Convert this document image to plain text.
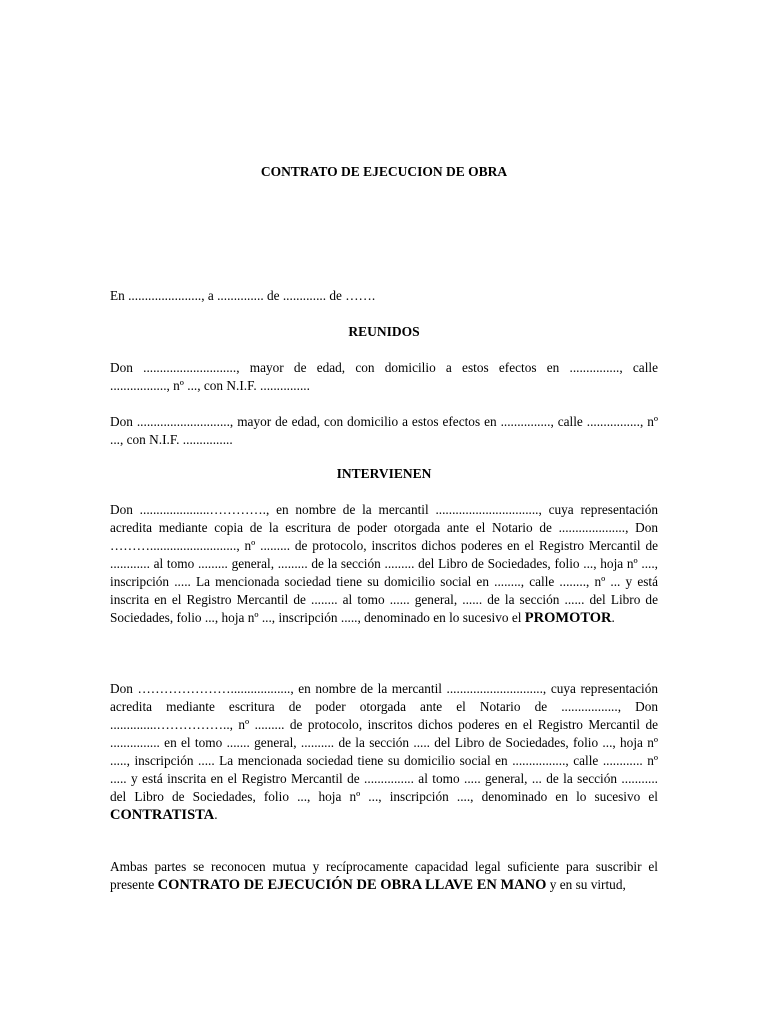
CONTRATO DE EJECUCION DE OBRA
En ......................, a .............. de ............. de …….
REUNIDOS
Don ............................, mayor de edad, con domicilio a estos efectos en ..............., calle
................., nº ..., con N.I.F. ...............
Don ............................, mayor de edad, con domicilio a estos efectos en ..............., calle ................, nº ..., con N.I.F. ...............
INTERVIENEN
Don .....................…………., en nombre de la mercantil ..............................., cuya representación acredita mediante copia de la escritura de poder otorgada ante el Notario de ...................., Don ……….........................., nº ......... de protocolo, inscritos dichos poderes en el Registro Mercantil de ............ al tomo ......... general, ......... de la sección ......... del Libro de Sociedades, folio ..., hoja nº ...., inscripción ..... La mencionada sociedad tiene su domicilio social en ........, calle ........, nº ... y está inscrita en el Registro Mercantil de ........ al tomo ...... general, ...... de la sección ...... del Libro de Sociedades, folio ..., hoja nº ..., inscripción ....., denominado en lo sucesivo el PROMOTOR.
Don ………………….................., en nombre de la mercantil ............................., cuya representación acredita mediante escritura de poder otorgada ante el Notario de ................., Don ..............…………….., nº ......... de protocolo, inscritos dichos poderes en el Registro Mercantil de ............... en el tomo ....... general, .......... de la sección ..... del Libro de Sociedades, folio ..., hoja nº ....., inscripción ..... La mencionada sociedad tiene su domicilio social en ................, calle ............ nº ..... y está inscrita en el Registro Mercantil de ............... al tomo ..... general, ... de la sección ........... del Libro de Sociedades, folio ..., hoja nº ..., inscripción ...., denominado en lo sucesivo el CONTRATISTA.
Ambas partes se reconocen mutua y recíprocamente capacidad legal suficiente para suscribir el presente CONTRATO DE EJECUCIÓN DE OBRA LLAVE EN MANO y en su virtud,
